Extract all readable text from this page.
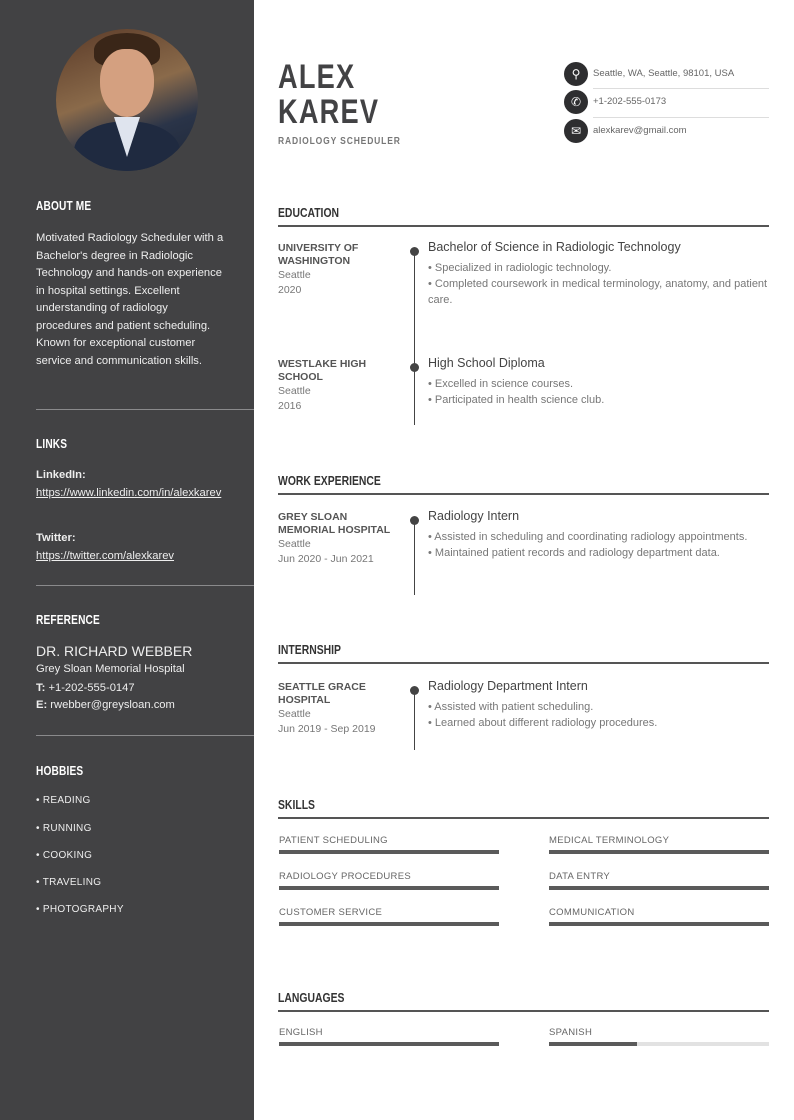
ABOUT ME
Motivated Radiology Scheduler with a Bachelor's degree in Radiologic Technology and hands-on experience in hospital settings. Excellent understanding of radiology procedures and patient scheduling. Known for exceptional customer service and communication skills.
LINKS
LinkedIn:
https://www.linkedin.com/in/alexkarev
Twitter:
https://twitter.com/alexkarev
REFERENCE
DR. RICHARD WEBBER
Grey Sloan Memorial Hospital
T: +1-202-555-0147
E: rwebber@greysloan.com
HOBBIES
• READING
• RUNNING
• COOKING
• TRAVELING
• PHOTOGRAPHY
ALEX
KAREV
RADIOLOGY SCHEDULER
⚲	Seattle, WA, Seattle, 98101, USA
✆	+1-202-555-0173
✉	alexkarev@gmail.com
EDUCATION
UNIVERSITY OF WASHINGTON
Seattle
2020
Bachelor of Science in Radiologic Technology
• Specialized in radiologic technology.
• Completed coursework in medical terminology, anatomy, and patient care.
WESTLAKE HIGH SCHOOL
Seattle
2016
High School Diploma
• Excelled in science courses.
• Participated in health science club.
WORK EXPERIENCE
GREY SLOAN MEMORIAL HOSPITAL
Seattle
Jun 2020 - Jun 2021
Radiology Intern
• Assisted in scheduling and coordinating radiology appointments.
• Maintained patient records and radiology department data.
INTERNSHIP
SEATTLE GRACE HOSPITAL
Seattle
Jun 2019 - Sep 2019
Radiology Department Intern
• Assisted with patient scheduling.
• Learned about different radiology procedures.
SKILLS
PATIENT SCHEDULING	MEDICAL TERMINOLOGY
RADIOLOGY PROCEDURES	DATA ENTRY
CUSTOMER SERVICE	COMMUNICATION
LANGUAGES
ENGLISH	SPANISH
